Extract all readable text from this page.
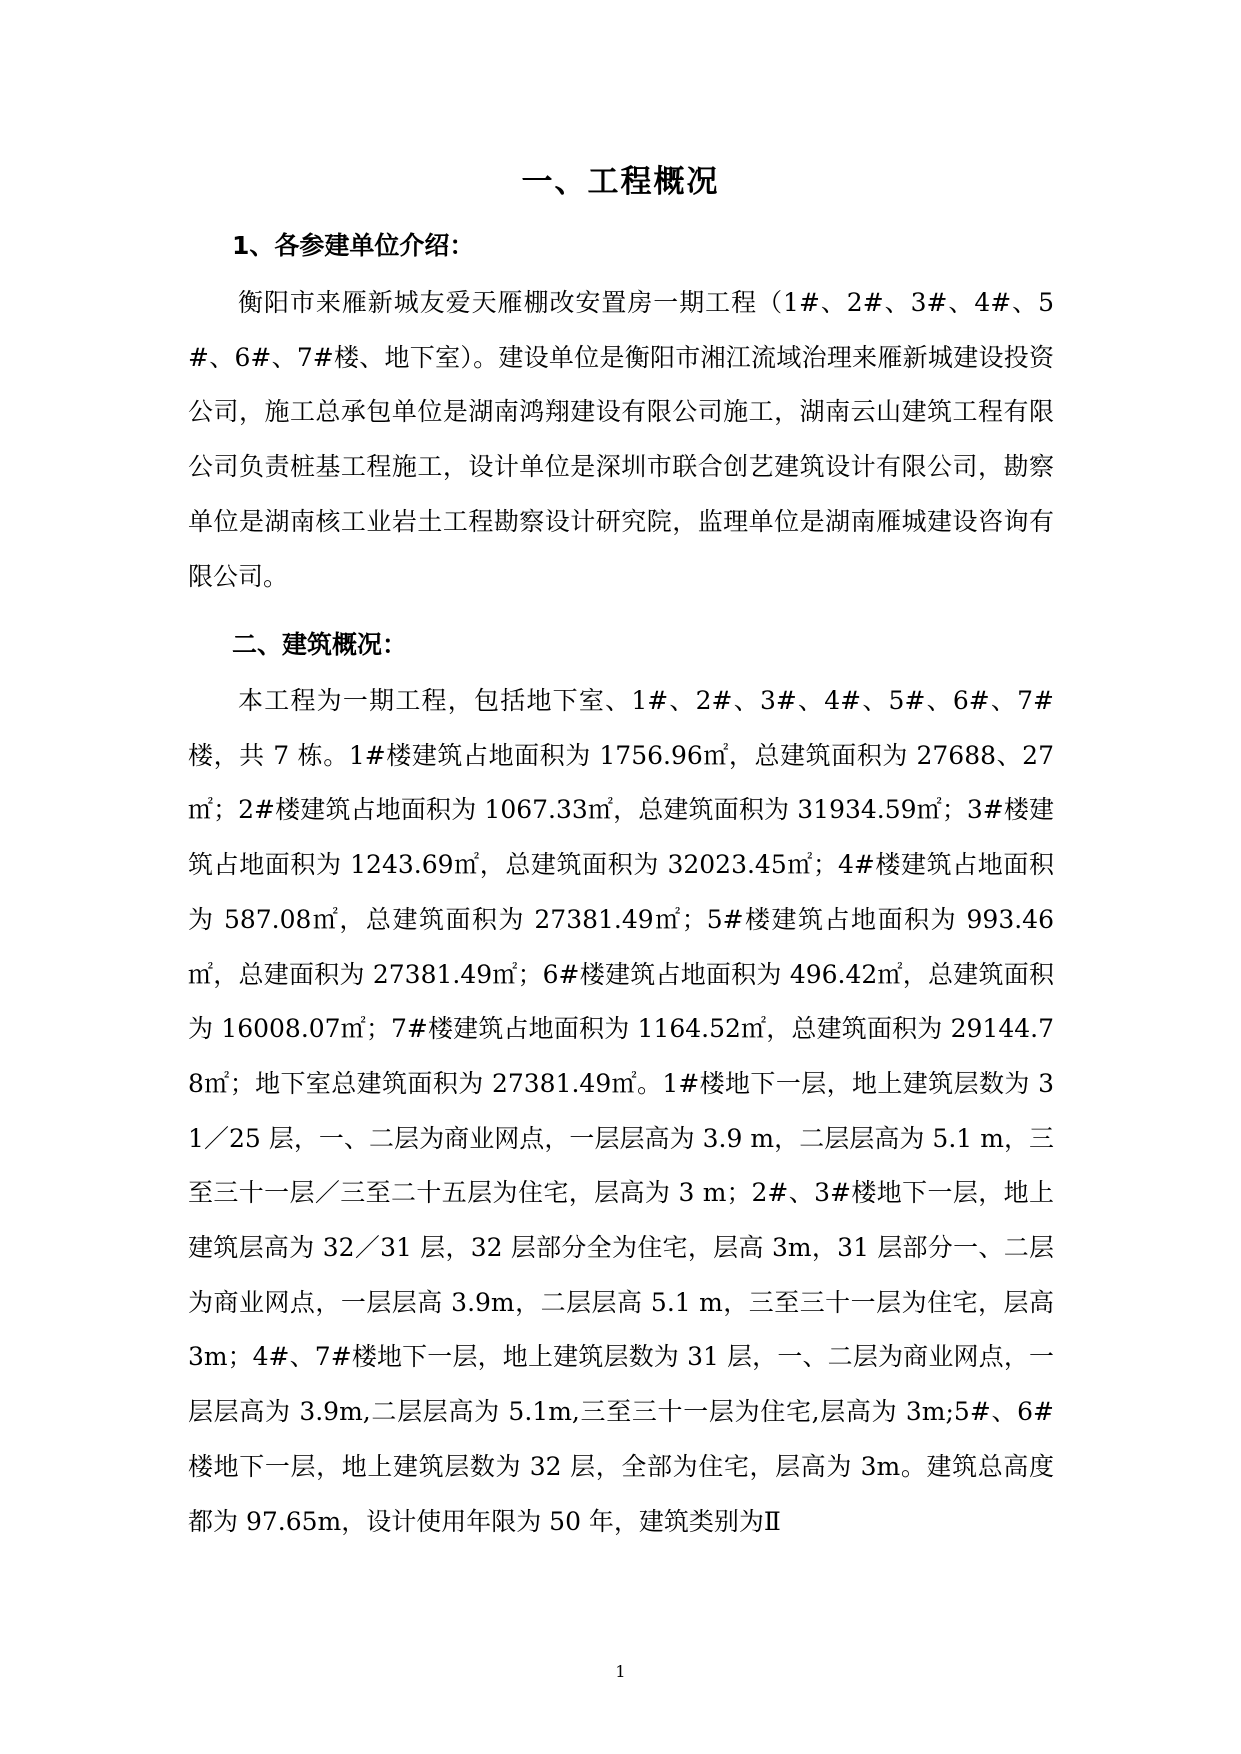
一、工程概况
1、各参建单位介绍：

衡阳市来雁新城友爱天雁棚改安置房一期工程（1#、2#、3#、4#、5#、6#、7#楼、地下室）。建设单位是衡阳市湘江流域治理来雁新城建设投资公司，施工总承包单位是湖南鸿翔建设有限公司施工，湖南云山建筑工程有限公司负责桩基工程施工，设计单位是深圳市联合创艺建筑设计有限公司，勘察单位是湖南核工业岩土工程勘察设计研究院，监理单位是湖南雁城建设咨询有限公司。

二、建筑概况：

本工程为一期工程，包括地下室、1#、2#、3#、4#、5#、6#、7#楼，共 7 栋。1#楼建筑占地面积为 1756.96㎡，总建筑面积为 27688、27㎡；2#楼建筑占地面积为 1067.33㎡，总建筑面积为 31934.59㎡；3#楼建筑占地面积为 1243.69㎡，总建筑面积为 32023.45㎡；4#楼建筑占地面积为 587.08㎡，总建筑面积为 27381.49㎡；5#楼建筑占地面积为 993.46㎡，总建面积为 27381.49㎡；6#楼建筑占地面积为 496.42㎡，总建筑面积为 16008.07㎡；7#楼建筑占地面积为 1164.52㎡，总建筑面积为 29144.78㎡；地下室总建筑面积为 27381.49㎡。1#楼地下一层，地上建筑层数为 31／25 层，一、二层为商业网点，一层层高为 3.9 m，二层层高为 5.1 m，三至三十一层／三至二十五层为住宅，层高为 3 m；2#、3#楼地下一层，地上建筑层高为 32／31 层，32 层部分全为住宅，层高 3m，31 层部分一、二层为商业网点，一层层高 3.9m，二层层高 5.1 m，三至三十一层为住宅，层高 3m；4#、7#楼地下一层，地上建筑层数为 31 层，一、二层为商业网点，一层层高为 3.9m,二层层高为 5.1m,三至三十一层为住宅,层高为 3m;5#、6#楼地下一层，地上建筑层数为 32 层，全部为住宅，层高为 3m。建筑总高度都为 97.65m，设计使用年限为 50 年，建筑类别为Ⅱ

1
